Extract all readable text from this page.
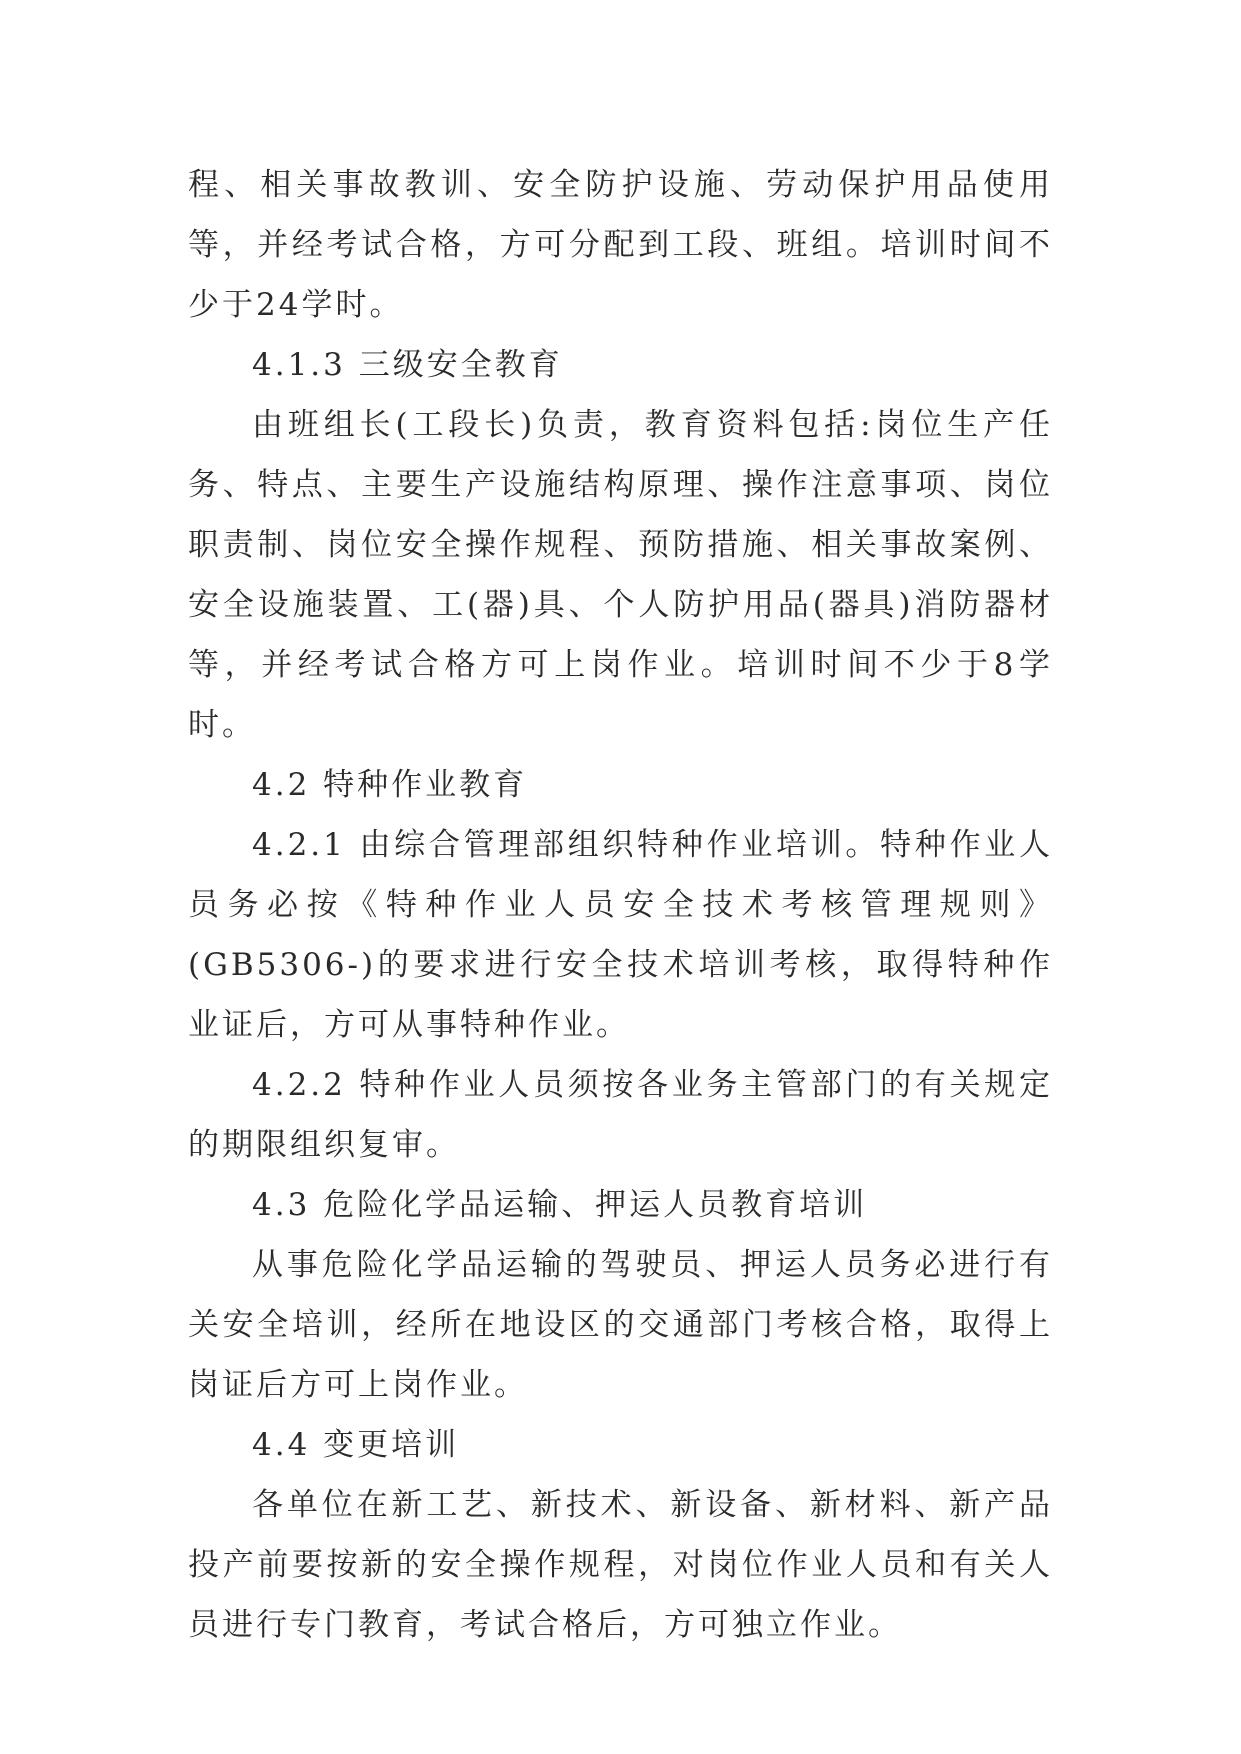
程、相关事故教训、安全防护设施、劳动保护用品使用等，并经考试合格，方可分配到工段、班组。培训时间不少于24学时。

4.1.3 三级安全教育

由班组长(工段长)负责，教育资料包括:岗位生产任务、特点、主要生产设施结构原理、操作注意事项、岗位职责制、岗位安全操作规程、预防措施、相关事故案例、安全设施装置、工(器)具、个人防护用品(器具)消防器材等，并经考试合格方可上岗作业。培训时间不少于8学时。

4.2 特种作业教育

4.2.1 由综合管理部组织特种作业培训。特种作业人员务必按《特种作业人员安全技术考核管理规则》(GB5306-)的要求进行安全技术培训考核，取得特种作业证后，方可从事特种作业。

4.2.2 特种作业人员须按各业务主管部门的有关规定的期限组织复审。

4.3 危险化学品运输、押运人员教育培训

从事危险化学品运输的驾驶员、押运人员务必进行有关安全培训，经所在地设区的交通部门考核合格，取得上岗证后方可上岗作业。

4.4 变更培训

各单位在新工艺、新技术、新设备、新材料、新产品投产前要按新的安全操作规程，对岗位作业人员和有关人员进行专门教育，考试合格后，方可独立作业。
